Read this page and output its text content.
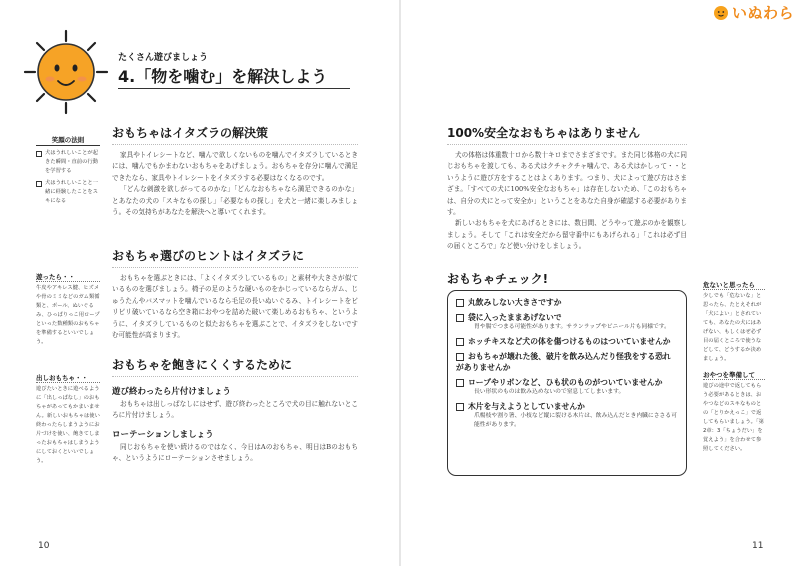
いぬわら
たくさん遊びましょう
4.「物を噛む」を解決しよう
笑顔の法則
犬はうれしいことが起きた瞬間・直前の行動を学習する
犬はうれしいことと一緒に経験したことをスキになる
遊ったら・・
牛皮やアキレス腱、ヒズメや骨のミミなどのガム類循類と、ボール、ぬいぐるみ、ひっぱりっこ用ロープといった数種類のおもちゃを準備するといいでしょう。
出しおもちゃ・・
遊びたいときに遊べるように「出しっぱなし」のおもちゃがあってもかまいません。新しいおもちゃは使い終わったらしまうようにお片づけを使い、飽きてしまったおもちゃはしまうようにしておくといいでしょう。
おもちゃはイタズラの解決策
家具やトイレシートなど、噛んで欲しくないものを噛んでイタズラしているときには、噛んでもかまわないおもちゃをあげましょう。おもちゃを存分に噛んで満足できたなら、家具やトイレシートをイタズラする必要はなくなるのです。
「どんな刺激を欲しがってるのかな」「どんなおもちゃなら満足できるのかな」とあなたの犬の「スキなもの探し」「必要なもの探し」を犬と一緒に楽しみましょう。その気持ちがあなたを解決へと導いてくれます。
おもちゃ選びのヒントはイタズラに
おもちゃを選ぶときには、「よくイタズラしているもの」と素材や大きさが似ているものを選びましょう。椅子の足のような硬いものをかじっているならガム、じゅうたんやバスマットを噛んでいるなら毛足の長いぬいぐるみ、トイレシートをビリビリ破いているなら空き箱におやつを詰めた破いて楽しめるおもちゃ、というように、イタズラしているものと似たおもちゃを選ぶことで、イタズラをしないですむ可能性が高まります。
おもちゃを飽きにくくするために
遊び終わったら片付けましょう
おもちゃは出しっぱなしにはせず、遊び終わったところで犬の目に触れないところに片付けましょう。
ローテーションしましょう
同じおもちゃを使い続けるのではなく、今日はAのおもちゃ、明日はBのおもちゃ、というようにローテーションさせましょう。
10
100%安全なおもちゃはありません
犬の体格は体重数十ロから数十キロまでさまざまです。また同じ体格の犬に同じおもちゃを渡しても、ある犬はクチャクチャ噛んで、ある犬はかしって・・というように遊び方をすることはよくあります。つまり、犬によって遊び方はさまざま。「すべての犬に100%安全なおもちゃ」は存在しないため、「このおもちゃは、自分の犬にとって安全か」ということをあなた自身が確認する必要があります。
新しいおもちゃを犬にあげるときには、数日間、どうやって遊ぶのかを観察しましょう。そして「これは安全だから留守番中にもあげられる」「これは必ず目の届くところで」など使い分けをしましょう。
おもちゃチェック!
丸飲みしない大きさですか
袋に入ったままあげないで
胃や腸でつまる可能性があります。サランラップやビニール片も同様です。
ホッチキスなど犬の体を傷つけるものはついていませんか
おもちゃが壊れた後、破片を飲み込んだり怪我をする恐れがありませんか
ロープやリボンなど、ひも状のものがついていませんか
長い形状のものは飲み込めないので窒息してしまいます。
木片を与えようとしていませんか
爪楊枝や割り箸、小枝など縦に裂ける木片は、飲み込んだとき内臓にささる可能性があります。
11
危ないと思ったら
少しでも「危ないな」と思ったら、たとえそれが「犬によい」とされていても、あなたの犬にはあげない、もしくはぜ必ず目の届くところで使うなどして、どうするか決めましょう。
おやつを準備して
遊びの途中で返してもらう必要があるときは、おやつなどのスキなものとの「とりかえっこ」で返してもらいましょう。「第2章：3「ちょうだい」を覚えよう」を合わせて参照してください。
